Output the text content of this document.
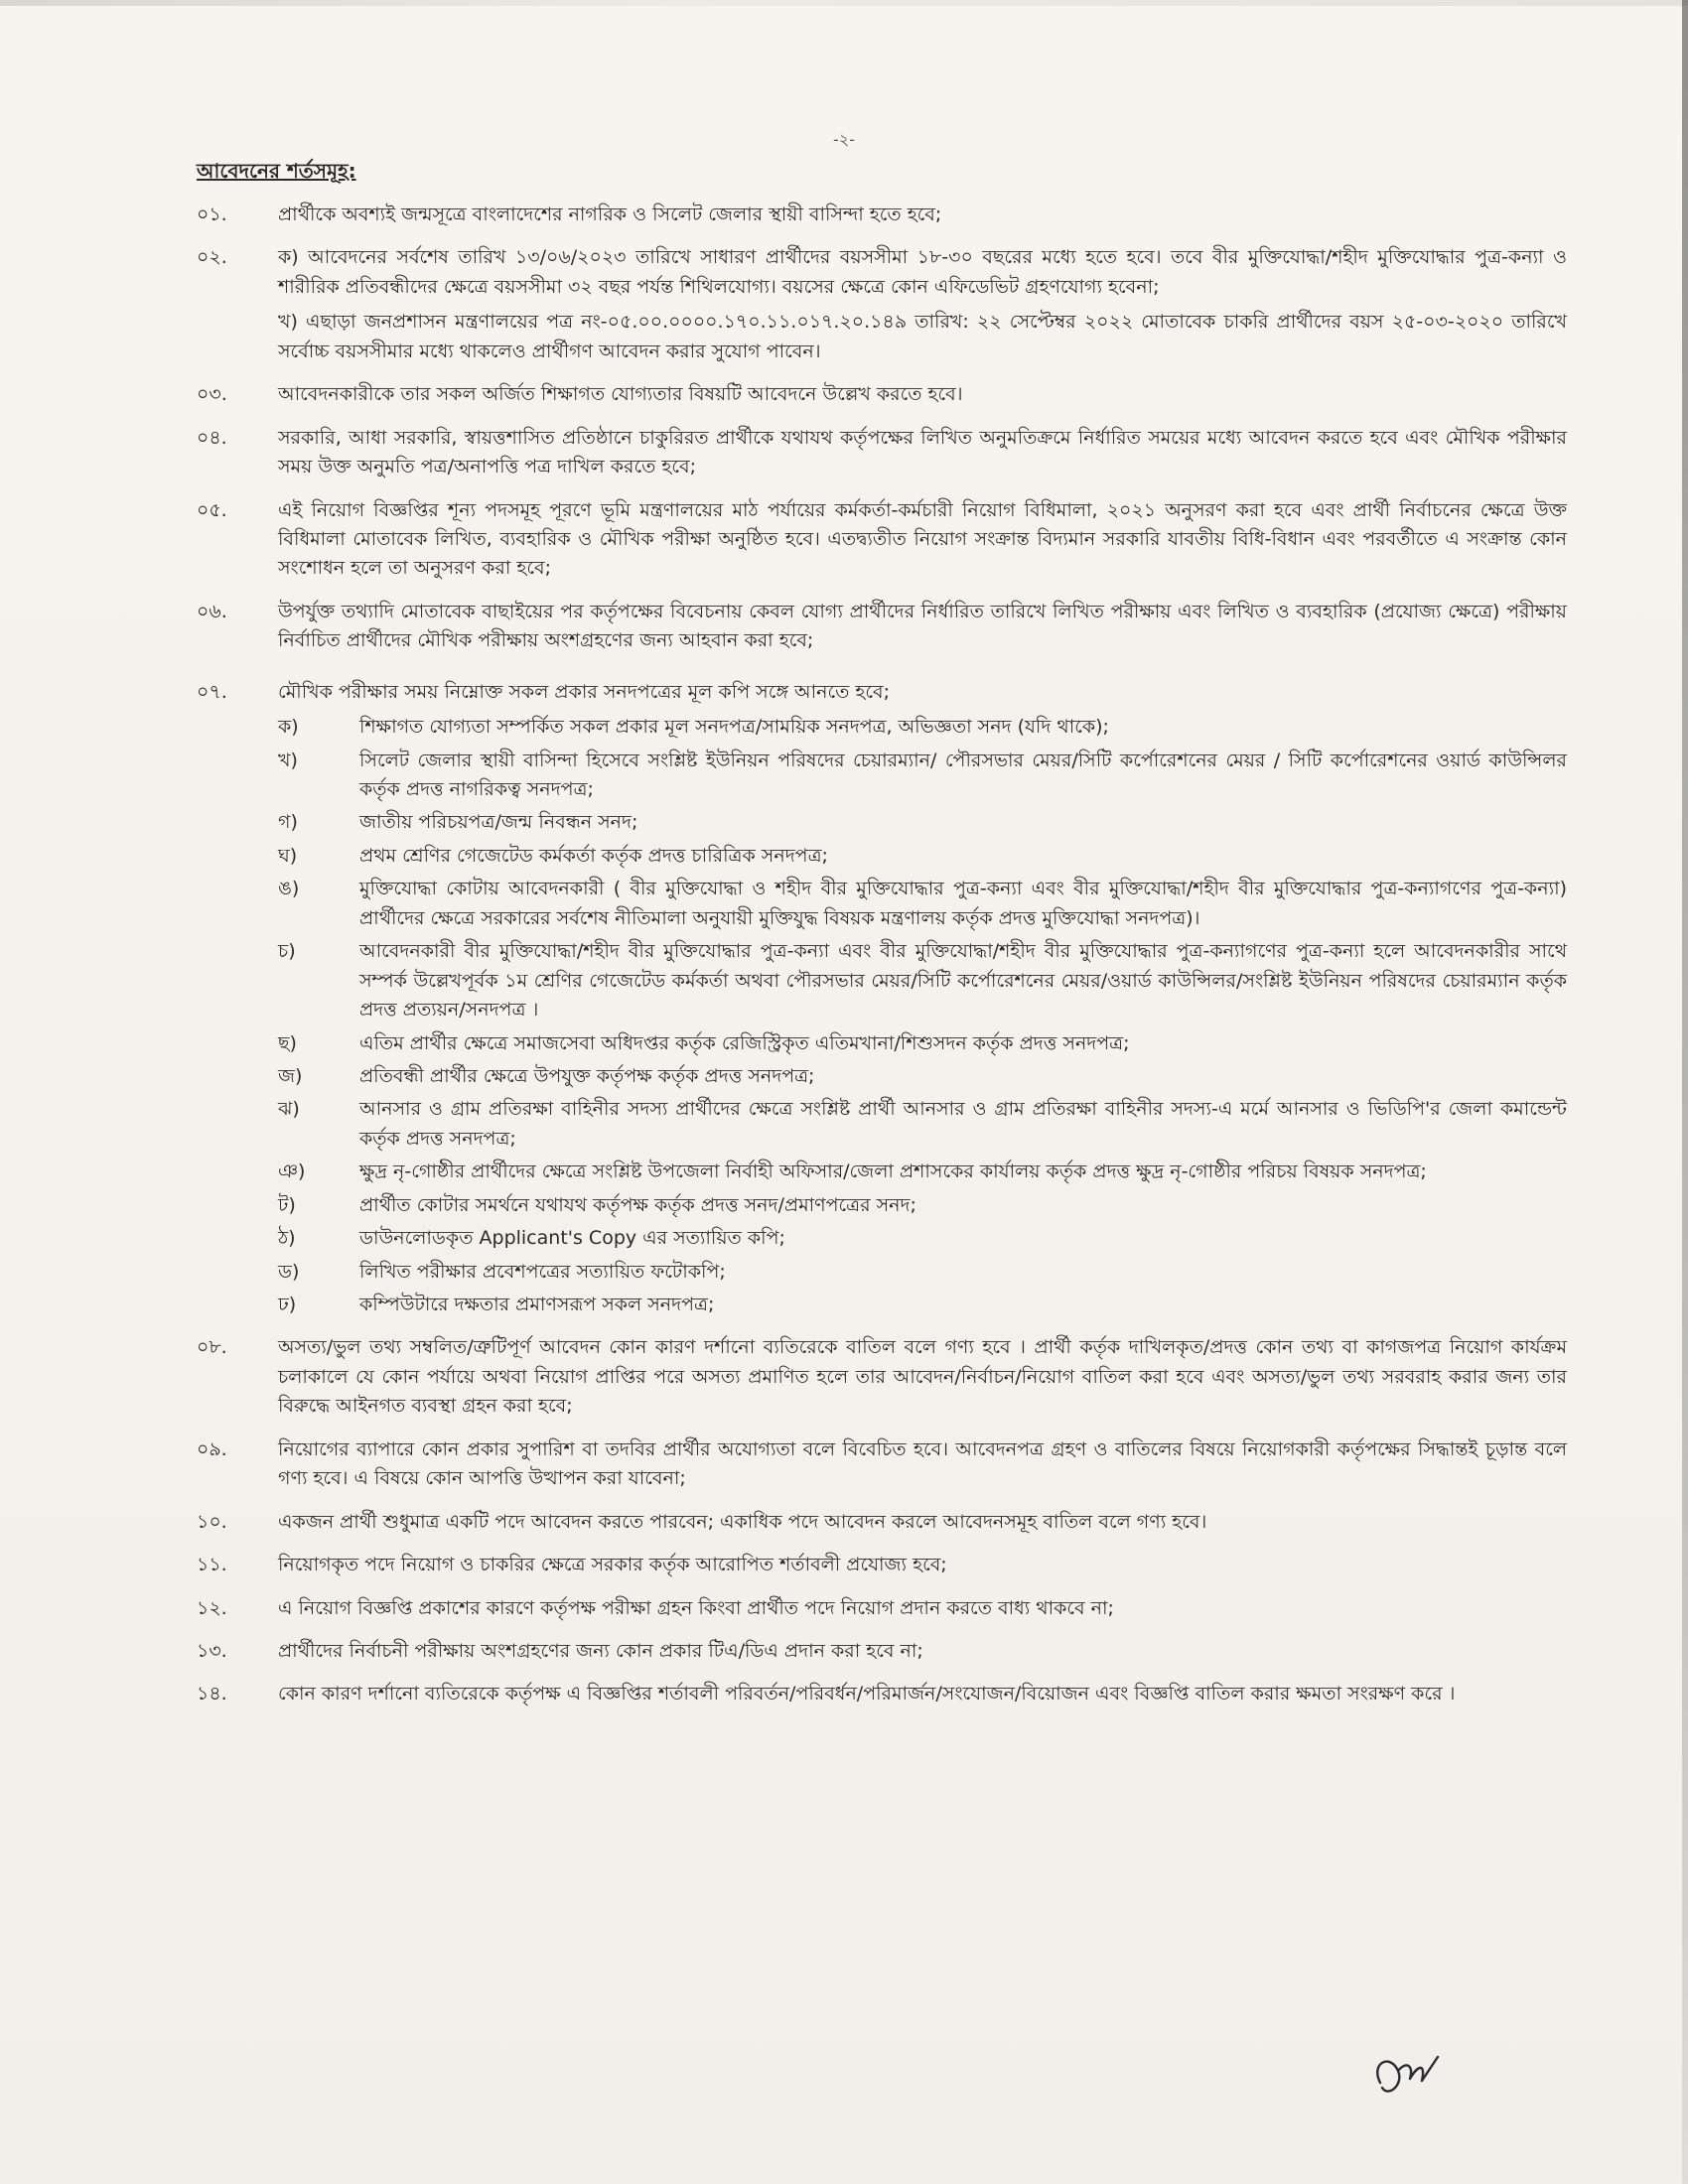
-২-
আবেদনের শর্তসমূহ:
০১.	প্রার্থীকে অবশ্যই জন্মসূত্রে বাংলাদেশের নাগরিক ও সিলেট জেলার স্থায়ী বাসিন্দা হতে হবে;

০২.	ক) আবেদনের সর্বশেষ তারিখ ১৩/০৬/২০২৩ তারিখে সাধারণ প্রার্থীদের বয়সসীমা ১৮-৩০ বছরের মধ্যে হতে হবে। তবে বীর মুক্তিযোদ্ধা/শহীদ মুক্তিযোদ্ধার পুত্র-কন্যা ও শারীরিক প্রতিবন্ধীদের ক্ষেত্রে বয়সসীমা ৩২ বছর পর্যন্ত শিথিলযোগ্য। বয়সের ক্ষেত্রে কোন এফিডেভিট গ্রহণযোগ্য হবেনা;

খ) এছাড়া জনপ্রশাসন মন্ত্রণালয়ের পত্র নং-০৫.০০.০০০০.১৭০.১১.০১৭.২০.১৪৯ তারিখ: ২২ সেপ্টেম্বর ২০২২ মোতাবেক চাকরি প্রার্থীদের বয়স ২৫-০৩-২০২০ তারিখে সর্বোচ্চ বয়সসীমার মধ্যে থাকলেও প্রার্থীগণ আবেদন করার সুযোগ পাবেন।

০৩.	আবেদনকারীকে তার সকল অর্জিত শিক্ষাগত যোগ্যতার বিষয়টি আবেদনে উল্লেখ করতে হবে।

০৪.	সরকারি, আধা সরকারি, স্বায়ত্তশাসিত প্রতিষ্ঠানে চাকুরিরত প্রার্থীকে যথাযথ কর্তৃপক্ষের লিখিত অনুমতিক্রমে নির্ধারিত সময়ের মধ্যে আবেদন করতে হবে এবং মৌখিক পরীক্ষার সময় উক্ত অনুমতি পত্র/অনাপত্তি পত্র দাখিল করতে হবে;

০৫.	এই নিয়োগ বিজ্ঞপ্তির শূন্য পদসমূহ পূরণে ভূমি মন্ত্রণালয়ের মাঠ পর্যায়ের কর্মকর্তা-কর্মচারী নিয়োগ বিধিমালা, ২০২১ অনুসরণ করা হবে এবং প্রার্থী নির্বাচনের ক্ষেত্রে উক্ত বিধিমালা মোতাবেক লিখিত, ব্যবহারিক ও মৌখিক পরীক্ষা অনুষ্ঠিত হবে। এতদ্ব্যতীত নিয়োগ সংক্রান্ত বিদ্যমান সরকারি যাবতীয় বিধি-বিধান এবং পরবর্তীতে এ সংক্রান্ত কোন সংশোধন হলে তা অনুসরণ করা হবে;

০৬.	উপর্যুক্ত তথ্যাদি মোতাবেক বাছাইয়ের পর কর্তৃপক্ষের বিবেচনায় কেবল যোগ্য প্রার্থীদের নির্ধারিত তারিখে লিখিত পরীক্ষায় এবং লিখিত ও ব্যবহারিক (প্রযোজ্য ক্ষেত্রে) পরীক্ষায় নির্বাচিত প্রার্থীদের মৌখিক পরীক্ষায় অংশগ্রহণের জন্য আহবান করা হবে;

০৭.	মৌখিক পরীক্ষার সময় নিম্নোক্ত সকল প্রকার সনদপত্রের মূল কপি সঙ্গে আনতে হবে;

ক)	শিক্ষাগত যোগ্যতা সম্পর্কিত সকল প্রকার মূল সনদপত্র/সাময়িক সনদপত্র, অভিজ্ঞতা সনদ (যদি থাকে);
খ)	সিলেট জেলার স্থায়ী বাসিন্দা হিসেবে সংশ্লিষ্ট ইউনিয়ন পরিষদের চেয়ারম্যান/ পৌরসভার মেয়র/সিটি কর্পোরেশনের মেয়র / সিটি কর্পোরেশনের ওয়ার্ড কাউন্সিলর কর্তৃক প্রদত্ত নাগরিকত্ব সনদপত্র;
গ)	জাতীয় পরিচয়পত্র/জন্ম নিবন্ধন সনদ;
ঘ)	প্রথম শ্রেণির গেজেটেড কর্মকর্তা কর্তৃক প্রদত্ত চারিত্রিক সনদপত্র;
ঙ)	মুক্তিযোদ্ধা কোটায় আবেদনকারী ( বীর মুক্তিযোদ্ধা ও শহীদ বীর মুক্তিযোদ্ধার পুত্র-কন্যা এবং বীর মুক্তিযোদ্ধা/শহীদ বীর মুক্তিযোদ্ধার পুত্র-কন্যাগণের পুত্র-কন্যা) প্রার্থীদের ক্ষেত্রে সরকারের সর্বশেষ নীতিমালা অনুযায়ী মুক্তিযুদ্ধ বিষয়ক মন্ত্রণালয় কর্তৃক প্রদত্ত মুক্তিযোদ্ধা সনদপত্র)।
চ)	আবেদনকারী বীর মুক্তিযোদ্ধা/শহীদ বীর মুক্তিযোদ্ধার পুত্র-কন্যা এবং বীর মুক্তিযোদ্ধা/শহীদ বীর মুক্তিযোদ্ধার পুত্র-কন্যাগণের পুত্র-কন্যা হলে আবেদনকারীর সাথে সম্পর্ক উল্লেখপূর্বক ১ম শ্রেণির গেজেটেড কর্মকর্তা অথবা পৌরসভার মেয়র/সিটি কর্পোরেশনের মেয়র/ওয়ার্ড কাউন্সিলর/সংশ্লিষ্ট ইউনিয়ন পরিষদের চেয়ারম্যান কর্তৃক প্রদত্ত প্রত্যয়ন/সনদপত্র ।
ছ)	এতিম প্রার্থীর ক্ষেত্রে সমাজসেবা অধিদপ্তর কর্তৃক রেজিস্ট্রিকৃত এতিমখানা/শিশুসদন কর্তৃক প্রদত্ত সনদপত্র;
জ)	প্রতিবন্ধী প্রার্থীর ক্ষেত্রে উপযুক্ত কর্তৃপক্ষ কর্তৃক প্রদত্ত সনদপত্র;
ঝ)	আনসার ও গ্রাম প্রতিরক্ষা বাহিনীর সদস্য প্রার্থীদের ক্ষেত্রে সংশ্লিষ্ট প্রার্থী আনসার ও গ্রাম প্রতিরক্ষা বাহিনীর সদস্য-এ মর্মে আনসার ও ভিডিপি'র জেলা কমান্ডেন্ট কর্তৃক প্রদত্ত সনদপত্র;
ঞ)	ক্ষুদ্র নৃ-গোষ্ঠীর প্রার্থীদের ক্ষেত্রে সংশ্লিষ্ট উপজেলা নির্বাহী অফিসার/জেলা প্রশাসকের কার্যালয় কর্তৃক প্রদত্ত ক্ষুদ্র নৃ-গোষ্ঠীর পরিচয় বিষয়ক সনদপত্র;
ট)	প্রার্থীত কোটার সমর্থনে যথাযথ কর্তৃপক্ষ কর্তৃক প্রদত্ত সনদ/প্রমাণপত্রের সনদ;
ঠ)	ডাউনলোডকৃত Applicant's Copy এর সত্যায়িত কপি;
ড)	লিখিত পরীক্ষার প্রবেশপত্রের সত্যায়িত ফটোকপি;
ঢ)	কম্পিউটারে দক্ষতার প্রমাণসরূপ সকল সনদপত্র;
০৮.	অসত্য/ভুল তথ্য সম্বলিত/ত্রুটিপূর্ণ আবেদন কোন কারণ দর্শানো ব্যতিরেকে বাতিল বলে গণ্য হবে । প্রার্থী কর্তৃক দাখিলকৃত/প্রদত্ত কোন তথ্য বা কাগজপত্র নিয়োগ কার্যক্রম চলাকালে যে কোন পর্যায়ে অথবা নিয়োগ প্রাপ্তির পরে অসত্য প্রমাণিত হলে তার আবেদন/নির্বাচন/নিয়োগ বাতিল করা হবে এবং অসত্য/ভুল তথ্য সরবরাহ করার জন্য তার বিরুদ্ধে আইনগত ব্যবস্থা গ্রহন করা হবে;

০৯.	নিয়োগের ব্যাপারে কোন প্রকার সুপারিশ বা তদবির প্রার্থীর অযোগ্যতা বলে বিবেচিত হবে। আবেদনপত্র গ্রহণ ও বাতিলের বিষয়ে নিয়োগকারী কর্তৃপক্ষের সিদ্ধান্তই চূড়ান্ত বলে গণ্য হবে। এ বিষয়ে কোন আপত্তি উত্থাপন করা যাবেনা;

১০.	একজন প্রার্থী শুধুমাত্র একটি পদে আবেদন করতে পারবেন; একাধিক পদে আবেদন করলে আবেদনসমূহ বাতিল বলে গণ্য হবে।

১১.	নিয়োগকৃত পদে নিয়োগ ও চাকরির ক্ষেত্রে সরকার কর্তৃক আরোপিত শর্তাবলী প্রযোজ্য হবে;

১২.	এ নিয়োগ বিজ্ঞপ্তি প্রকাশের কারণে কর্তৃপক্ষ পরীক্ষা গ্রহন কিংবা প্রার্থীত পদে নিয়োগ প্রদান করতে বাধ্য থাকবে না;

১৩.	প্রার্থীদের নির্বাচনী পরীক্ষায় অংশগ্রহণের জন্য কোন প্রকার টিএ/ডিএ প্রদান করা হবে না;

১৪.	কোন কারণ দর্শানো ব্যতিরেকে কর্তৃপক্ষ এ বিজ্ঞপ্তির শর্তাবলী পরিবর্তন/পরিবর্ধন/পরিমার্জন/সংযোজন/বিয়োজন এবং বিজ্ঞপ্তি বাতিল করার ক্ষমতা সংরক্ষণ করে ।
